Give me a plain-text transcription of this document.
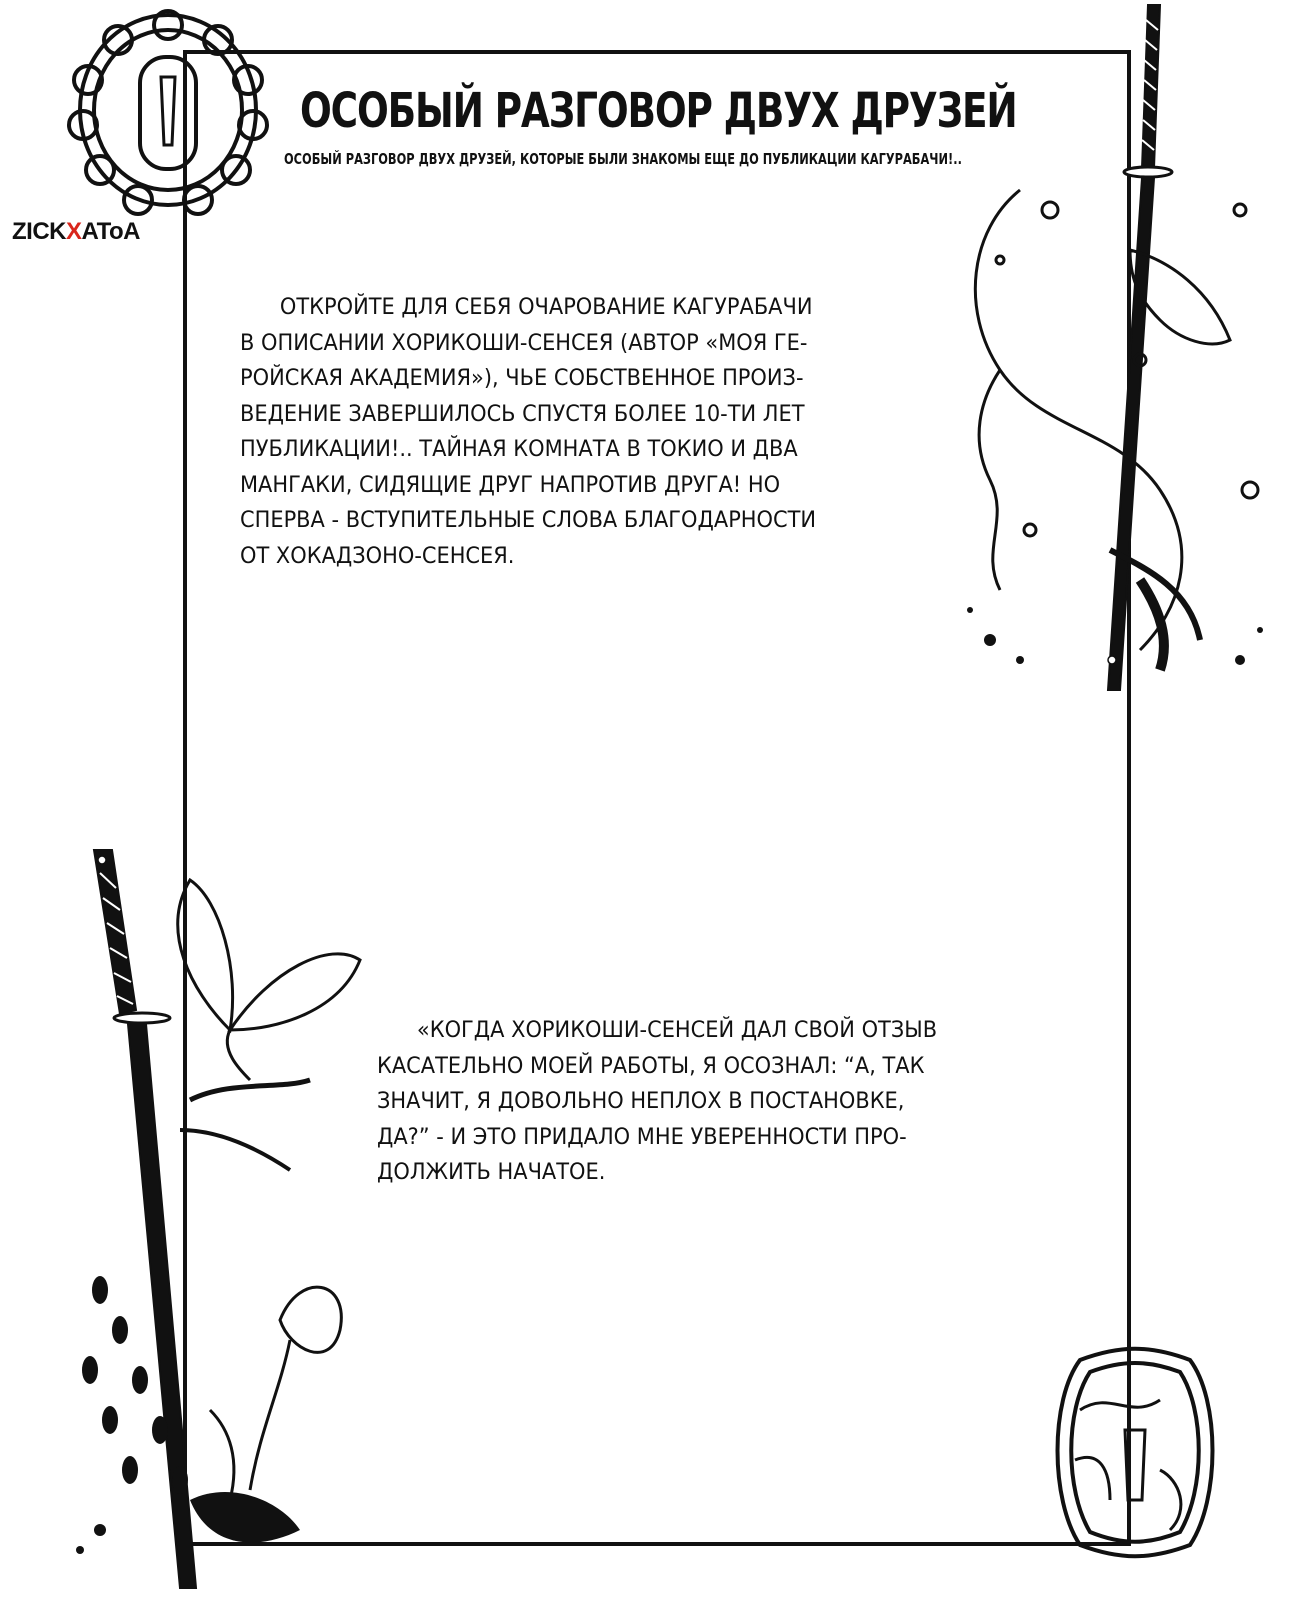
ZICKXAToA
ОСОБЫЙ РАЗГОВОР ДВУХ ДРУЗЕЙ
ОСОБЫЙ РАЗГОВОР ДВУХ ДРУЗЕЙ, КОТОРЫЕ БЫЛИ ЗНАКОМЫ ЕЩЕ ДО ПУБЛИКАЦИИ КАГУРАБАЧИ!..

ОТКРОЙТЕ ДЛЯ СЕБЯ ОЧАРОВАНИЕ КАГУРАБАЧИ
В ОПИСАНИИ ХОРИКОШИ-СЕНСЕЯ (АВТОР «МОЯ ГЕ-
РОЙСКАЯ АКАДЕМИЯ»), ЧЬЕ СОБСТВЕННОЕ ПРОИЗ-
ВЕДЕНИЕ ЗАВЕРШИЛОСЬ СПУСТЯ БОЛЕЕ 10-ТИ ЛЕТ
ПУБЛИКАЦИИ!.. ТАЙНАЯ КОМНАТА В ТОКИО И ДВА
МАНГАКИ, СИДЯЩИЕ ДРУГ НАПРОТИВ ДРУГА! НО
СПЕРВА - ВСТУПИТЕЛЬНЫЕ СЛОВА БЛАГОДАРНОСТИ
ОТ ХОКАДЗОНО-СЕНСЕЯ.

«КОГДА ХОРИКОШИ-СЕНСЕЙ ДАЛ СВОЙ ОТЗЫВ
КАСАТЕЛЬНО МОЕЙ РАБОТЫ, Я ОСОЗНАЛ: “А, ТАК
ЗНАЧИТ, Я ДОВОЛЬНО НЕПЛОХ В ПОСТАНОВКЕ,
ДА?” - И ЭТО ПРИДАЛО МНЕ УВЕРЕННОСТИ ПРО-
ДОЛЖИТЬ НАЧАТОЕ.
